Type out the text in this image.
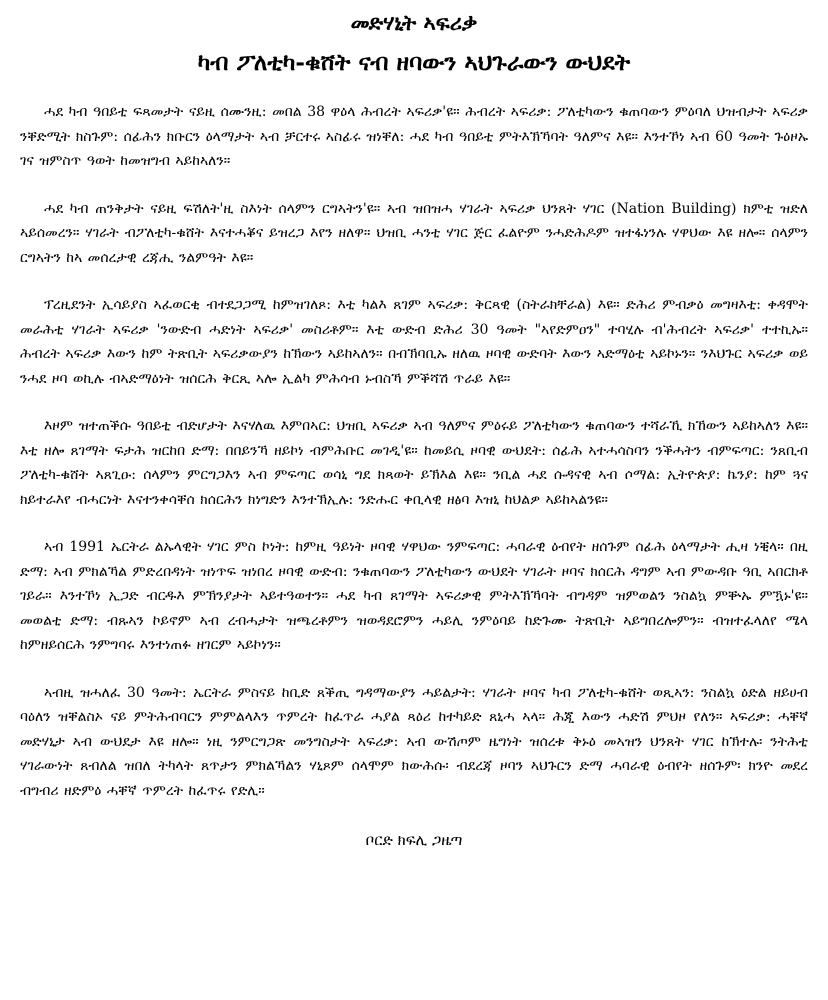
መድሃኒት ኣፍሪቃ
ካብ ፖለቲካ-ቁሸት ናብ ዘባውን ኣህጉራውን ውህደት

ሓደ ካብ ዓበይቲ ፍጻመታት ናይዚ ሰሙንዚ: መበል 38 ዋዕላ ሕብረት ኣፍሪቃ'ዩ። ሕብረት ኣፍሪቃ: ፖለቲካውን ቁጠባውን ምዕባለ ህዝብታት ኣፍሪቃ ንቐድሚት ክስጉም: ሰፊሕን ክቡርን ዕላማታት ኣብ ቻርተሩ ኣስፊሩ ዝነቐለ: ሓደ ካብ ዓበይቲ ምትእኽኻባት ዓለምና እዩ። እንተኾነ ኣብ 60 ዓመት ጉዕዞኡ ገና ዝምስጥ ዓወት ከመዝግብ ኣይከኣለን።

ሓደ ካብ ጠንቅታት ናይዚ ፍሽለት'ዚ ስእነት ሰላምን ርግኣትን'ዩ። ኣብ ዝበዝሓ ሃገራት ኣፍሪቃ ህንጸት ሃገር (Nation Building) ክምቲ ዝድለ ኣይሰመረን። ሃገራት ብፖለቲካ-ቁሸት እናተሓቖና ይዝረጋ እየን ዘለዋ። ህዝቢ ሓንቲ ሃገር ጅር ፈልዮም ንሓድሕዶም ዝተፋነንሉ ሃዋህው እዩ ዘሎ። ሰላምን ርግኣትን ከኣ መሰረታዊ ረጃሒ ንልምዓት እዩ።

ፕረዚደንት ኢሳይያስ ኣፈወርቂ ብተደጋጋሚ ከምዝገለጾ: እቲ ካልእ ጸገም ኣፍሪቃ: ቅርጻዊ (ስትራክቸራል) እዩ። ድሕሪ ምብቃዕ መግዛእቲ: ቀዳሞት መራሕቲ ሃገራት ኣፍሪቃ 'ንውድብ ሓድነት ኣፍሪቃ' መስሪቶም። እቲ ውድብ ድሕሪ 30 ዓመት "ኣየድምዐን" ተባሂሉ ብ'ሕብረት ኣፍሪቃ' ተተኪኡ። ሕብረት ኣፍሪቃ እውን ከም ትጽቢት ኣፍሪቃውያን ከኽውን ኣይከኣለን። በብኽባቢኡ ዘለዉ ዞባዊ ውድባት እውን ኣድማዕቲ ኣይኮኑን። ንእህጉር ኣፍሪቃ ወይ ንሓደ ዞባ ወኪሉ ብኣድማዕነት ዝሰርሕ ቅርጺ ኣሎ ኢልካ ምሕሳብ ኑብስኻ ምቕሻሽ ጥራይ እዩ።

እዞም ዝተጠቕሱ ዓበይቲ ብድሆታት እናሃለዉ እምበኣር: ህዝቢ ኣፍሪቃ ኣብ ዓለምና ምዕሩይ ፖለቲካውን ቁጠባውን ተሻራኺ ክኸውን ኣይከኣለን እዩ። እቲ ዘሎ ጸገማት ፍታሕ ዝርከበ ድማ: በበይንኻ ዘይኮነ ብምሕቡር መገዲ'ዩ። ከመይሲ ዞባዊ ውህደት: ሰፊሕ ኣተሓሳስባን ንቕሓትን ብምፍጣር: ንጸቢብ ፖለቲካ-ቁሸት ኣጸጊዑ: ሰላምን ምርግጋእን ኣብ ምፍጣር ወሳኒ ግደ ክጻወት ይኽእል እዩ። ንቢል ሓደ ሱዳናዊ ኣብ ሶማል: ኢትዮጵያ: ኬንያ: ከም ጓና ክይተራእየ ብሓርነት እናተንቀሳቐሰ ክሰርሕን ክነግድን እንተኽኢሉ: ንድሑር ቀቢላዊ ዘፅባ እዝኒ ከህልዎ ኣይከኣልንዩ።

ኣብ 1991 ኤርትራ ልኡላዊት ሃገር ምስ ኮነት: ከምዚ ዓይነት ዞባዊ ሃዋህው ንምፍጣር: ሓባራዊ ዕብየት ዘሰጉም ሰፊሕ ዕላማታት ሒዛ ነቒላ። በዚ ድማ: ኣብ ምክልኻል ምድረበዳነት ዝነጥፍ ዝነበረ ዞባዊ ውድብ: ንቁጠባውን ፖለቲካውን ውህደት ሃገራት ዞባና ክሰርሕ ዳግም ኣብ ምውዳቡ ዓቢ ኣበርክቶ ገይራ። እንተኾነ ኢጋድ ብርዱእ ምኽንያታት ኣይተዓወተን። ሓደ ካብ ጸገማት ኣፍሪቃዊ ምትእኽኻባት ብግዳም ዝምወልን ንስልኳ ምቝኡ ምዃኑ'ዩ። መወልቲ ድማ: ብጹኣን ኮይኖም ኣብ ረብሓታት ዝጫረቶምን ዝወዳደሮምን ሓይሊ ንምዕባይ ከድጉሙ ትጽቢት ኣይግበረሎምን። ብዝተፈላለየ ሜላ ከምዘይሰርሕ ንምግባሩ እንተነጠፉ ዘገርም ኣይኮነን።

ኣብዚ ዝሓለፈ 30 ዓመት: ኤርትራ ምስናይ ከቢድ ጸቕጢ ግዳማውያን ሓይልታት: ሃገራት ዞባና ካብ ፖለቲካ-ቁሸት ወጺኣን: ንስልኳ ዕድል ዘይሀብ ባዕለን ዝቐልስኦ ናይ ምትሕብባርን ምምልላእን ጥምረት ከፈጥራ ሓያል ጻዕሪ ከተካይድ ጸኒሓ ኣላ። ሕጂ እውን ሓድሽ ምህዞ የለን። ኣፍሪቃ: ሓቐኛ መድሃኒታ ኣብ ውህደታ እዩ ዘሎ። ነዚ ንምርግጋጽ መንግስታት ኣፍሪቃ: ኣብ ውሽጦም ዜግነት ዝሰረቱ ቅኑዕ መኣዝን ህንጸት ሃገር ከኽተሉ፡ ንትሕቲ ሃገራውነት ጸብለል ዝበለ ትካላት ጸጥታን ምክልኻልን ሃኒጾም ሰላሞም ክውሕሱ፡ ብደረጃ ዞባን ኣህጉርን ድማ ሓባራዊ ዕብየት ዘሰጉም፡ ክንዮ መደረ ብግብሪ ዘድምዕ ሓቐኛ ጥምረት ከፈጥሩ የድሊ።

ቦርድ ክፍሊ ጋዜጣ
